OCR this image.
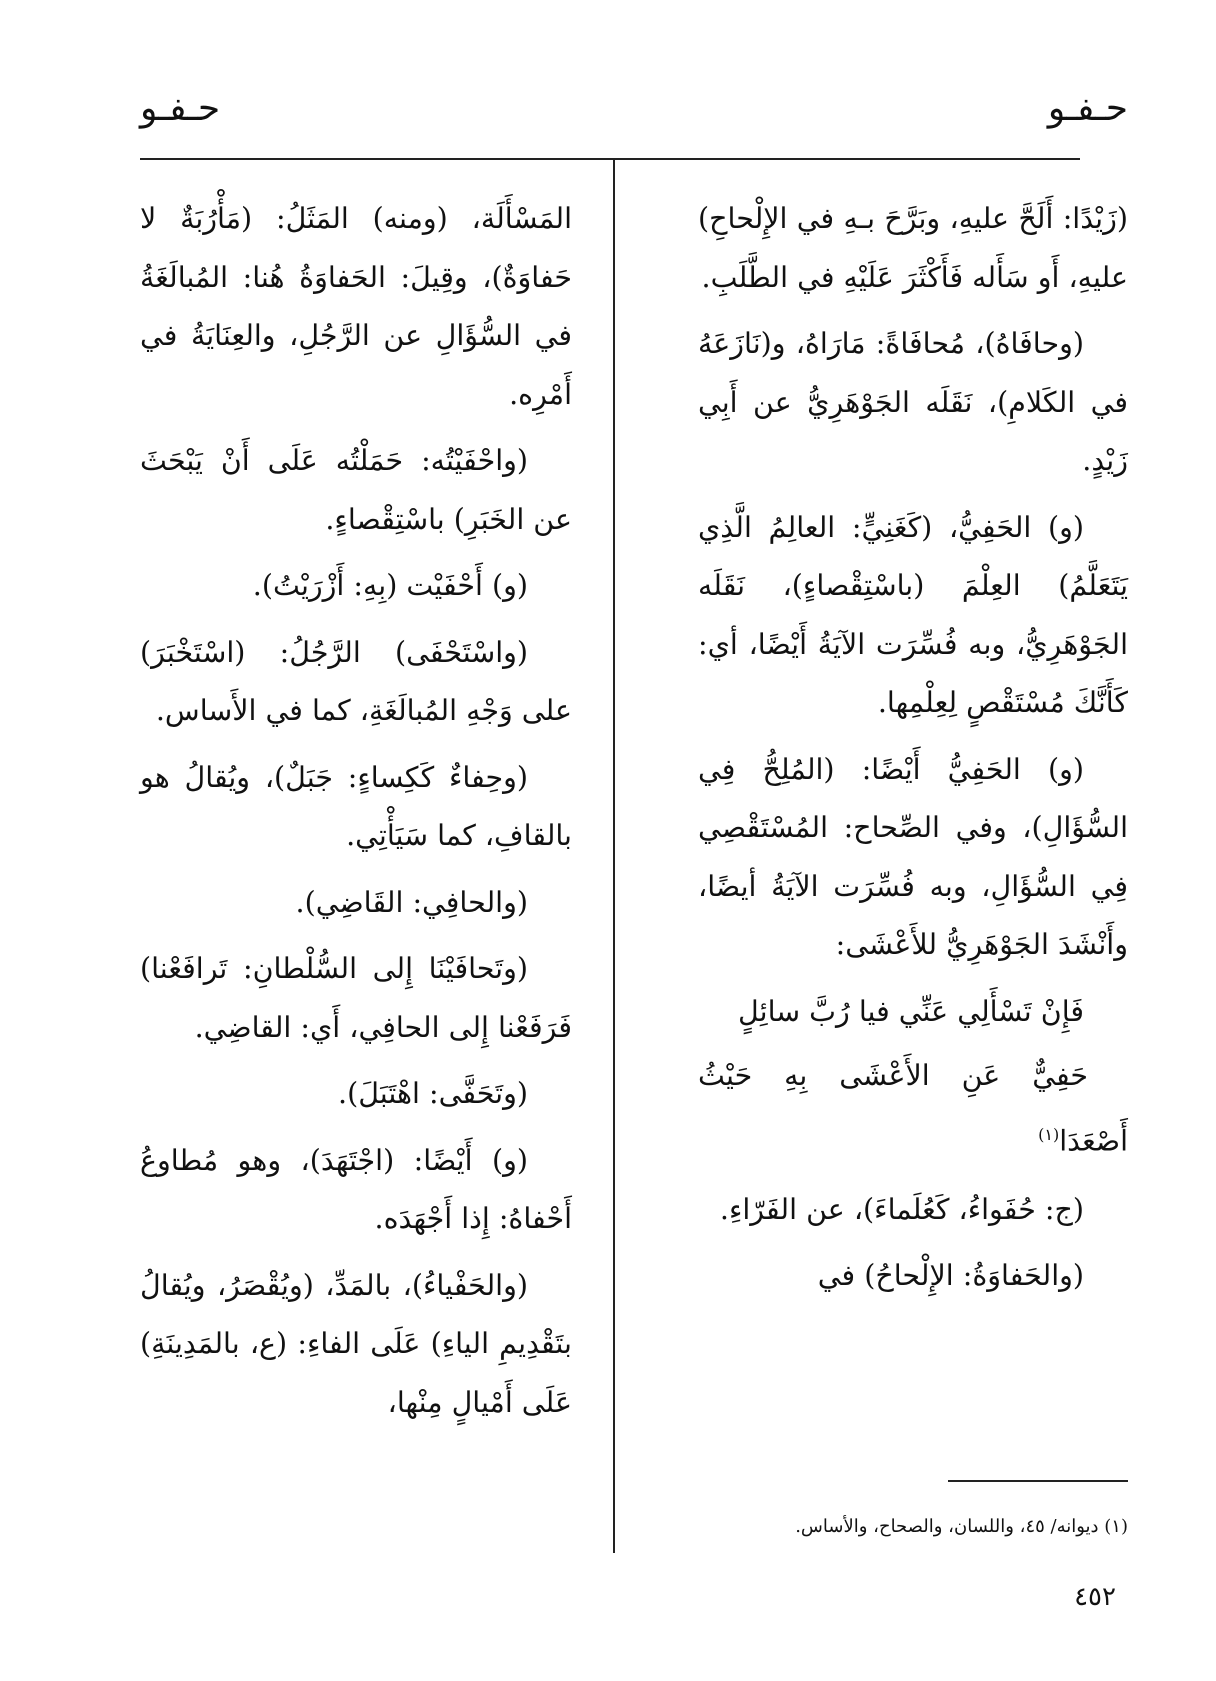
حـفـو
حـفـو

(زَيْدًا: أَلَحَّ عليهِ، وبَرَّحَ بـهِ في الإِلْحاحِ) عليهِ، أَو سَأَله فَأَكْثَرَ عَلَيْهِ في الطَّلَبِ.

(وحافَاهُ)، مُحافَاةً: مَارَاهُ، و(نَازَعَهُ في الكَلامِ)، نَقَلَه الجَوْهَرِيُّ عن أَبِي زَيْدٍ.

(و) الحَفِيُّ، (كَغَنِيٍّ: العالِمُ الَّذِي يَتَعَلَّمُ) العِلْمَ (باسْتِقْصاءٍ)، نَقَلَه الجَوْهَرِيُّ، وبه فُسِّرَت الآيَةُ أَيْضًا، أي: كَأَنَّكَ مُسْتَقْصٍ لِعِلْمِها.

(و) الحَفِيُّ أَيْضًا: (المُلِحُّ فِي السُّؤَالِ)، وفي الصِّحاح: المُسْتَقْصِي فِي السُّؤَالِ، وبه فُسِّرَت الآيَةُ أيضًا، وأَنْشَدَ الجَوْهَرِيُّ للأَعْشَى:

فَإِنْ تَسْأَلِي عَنِّي فيا رُبَّ سائِلٍ
حَفِيٌّ عَنِ الأَعْشَى بِهِ حَيْثُ أَصْعَدَا$^{(١)}$

(ج: حُفَواءُ، كَعُلَماءَ)، عن الفَرّاءِ.

(والحَفاوَةُ: الإِلْحاحُ) في

المَسْأَلَة، (ومنه) المَثَلُ: (مَأْرُبَةٌ لا حَفاوَةٌ)، وقِيلَ: الحَفاوَةُ هُنا: المُبالَغَةُ في السُّؤَالِ عن الرَّجُلِ، والعِنَايَةُ في أَمْرِه.

(واحْفَيْتُه: حَمَلْتُه عَلَى أَنْ يَبْحَثَ عن الخَبَرِ) باسْتِقْصاءٍ.

(و) أَحْفَيْت (بِهِ: أَزْرَيْتُ).

(واسْتَحْفَى) الرَّجُلُ: (اسْتَخْبَرَ) على وَجْهِ المُبالَغَةِ، كما في الأَساس.

(وحِفاءٌ كَكِساءٍ: جَبَلٌ)، ويُقالُ هو بالقافِ، كما سَيَأْتِي.

(والحافِي: القَاضِي).

(وتَحافَيْنَا إِلى السُّلْطانِ: تَرافَعْنا) فَرَفَعْنا إِلى الحافِي، أَي: القاضِي.

(وتَحَفَّى: اهْتَبَلَ).

(و) أَيْضًا: (اجْتَهَدَ)، وهو مُطاوعُ أَحْفاهُ: إِذا أَجْهَدَه.

(والحَفْياءُ)، بالمَدِّ، (ويُقْصَرُ، ويُقالُ بتَقْدِيمِ الياءِ) عَلَى الفاءِ: (ع، بالمَدِينَةِ) عَلَى أَمْيالٍ مِنْها،

(١) ديوانه/ ٤٥، واللسان، والصحاح، والأساس.
٤٥٢
